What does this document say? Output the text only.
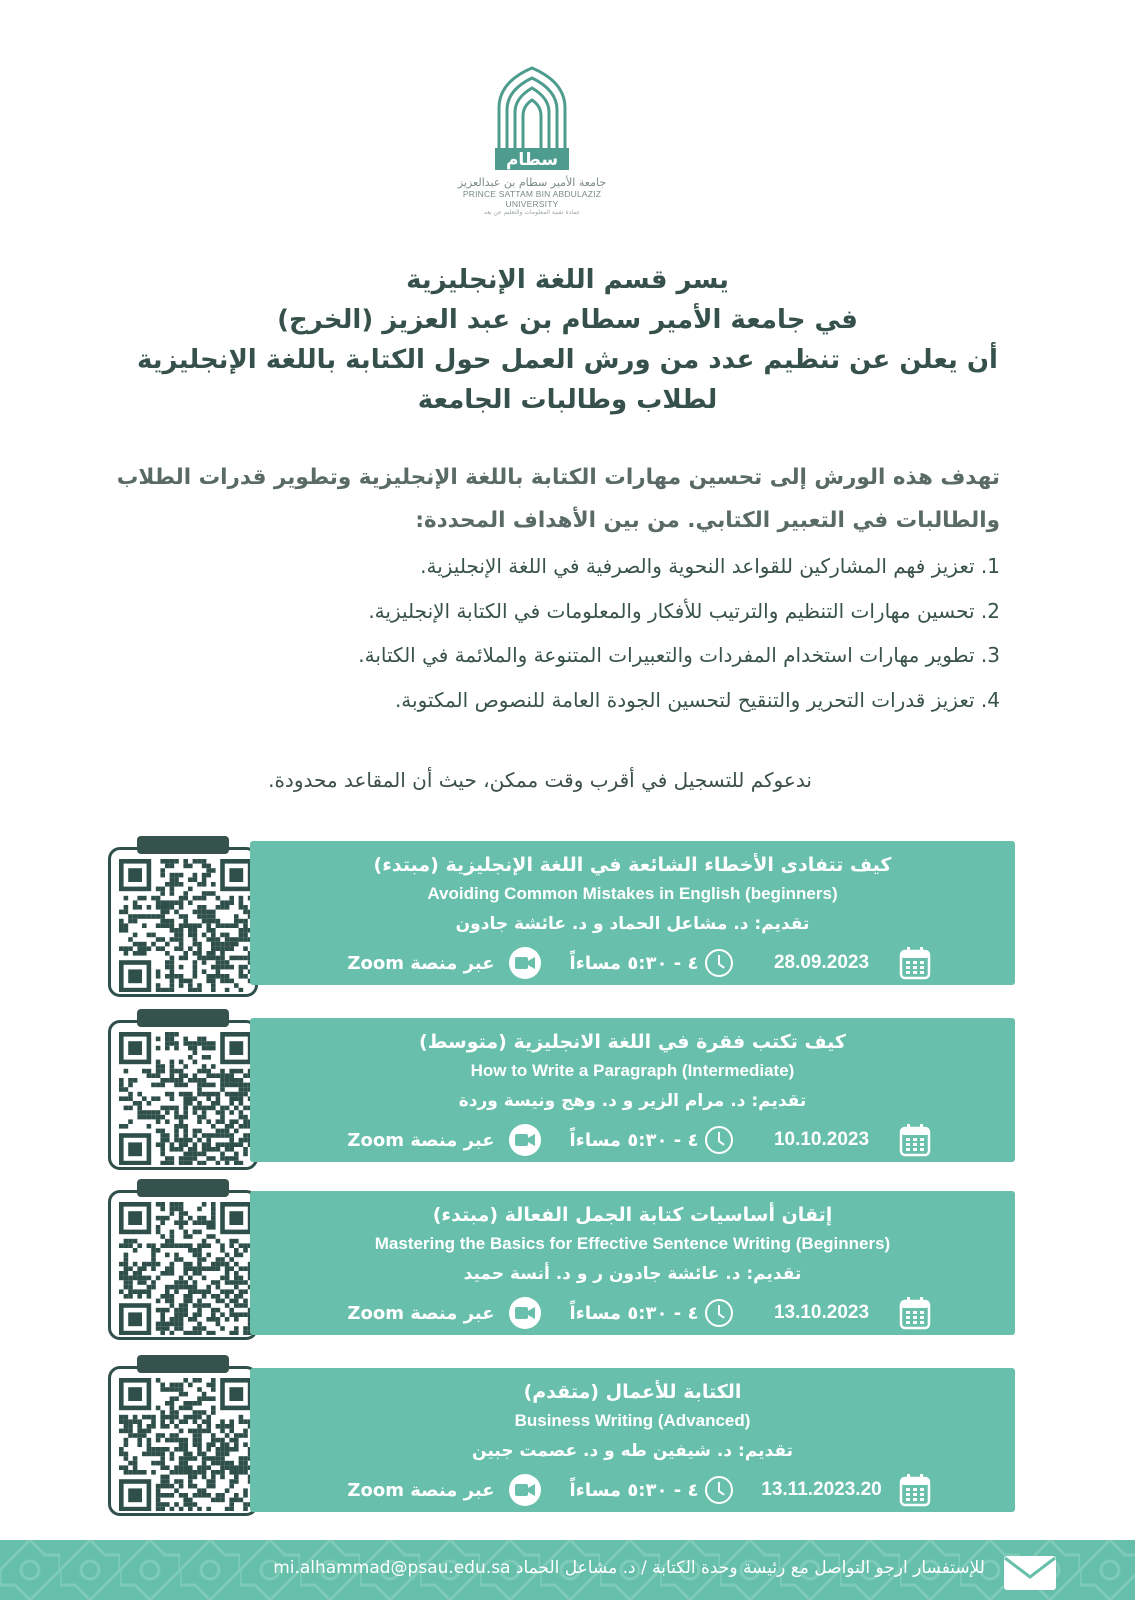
سطام
جامعة الأمير سطام بن عبدالعزيز
PRINCE SATTAM BIN ABDULAZIZ UNIVERSITY
عمادة تقنية المعلومات والتعليم عن بعد
يسر قسم اللغة الإنجليزية
في جامعة الأمير سطام بن عبد العزيز (الخرج)
أن يعلن عن تنظيم عدد من ورش العمل حول الكتابة باللغة الإنجليزية
لطلاب وطالبات الجامعة
تهدف هذه الورش إلى تحسين مهارات الكتابة باللغة الإنجليزية وتطوير قدرات الطلاب
والطالبات في التعبير الكتابي. من بين الأهداف المحددة:
1. تعزيز فهم المشاركين للقواعد النحوية والصرفية في اللغة الإنجليزية.
2. تحسين مهارات التنظيم والترتيب للأفكار والمعلومات في الكتابة الإنجليزية.
3. تطوير مهارات استخدام المفردات والتعبيرات المتنوعة والملائمة في الكتابة.
4. تعزيز قدرات التحرير والتنقيح لتحسين الجودة العامة للنصوص المكتوبة.
ندعوكم للتسجيل في أقرب وقت ممكن، حيث أن المقاعد محدودة.
كيف تتفادى الأخطاء الشائعة في اللغة الإنجليزية (مبتدء)
Avoiding Common Mistakes in English (beginners)
تقديم: د. مشاعل الحماد و د. عائشة جادون
عبر منصة Zoom	٤ - ٥:٣٠ مساءاً	28.09.2023
كيف تكتب فقرة في اللغة الانجليزية (متوسط)
How to Write a Paragraph (Intermediate)
تقديم: د. مرام الزير و د. وهج ونيسة وردة
عبر منصة Zoom	٤ - ٥:٣٠ مساءاً	10.10.2023
إتقان أساسيات كتابة الجمل الفعالة (مبتدء)
Mastering the Basics for Effective Sentence Writing (Beginners)
تقديم: د. عائشة جادون ر و د. أنسة حميد
عبر منصة Zoom	٤ - ٥:٣٠ مساءاً	13.10.2023
الكتابة للأعمال (متقدم)
Business Writing (Advanced)
تقديم: د. شيفين طه و د. عصمت جبين
عبر منصة Zoom	٤ - ٥:٣٠ مساءاً	13.11.2023.20
للإستفسار ارجو التواصل مع رئيسة وحدة الكتابة / د. مشاعل الحماد mi.alhammad@psau.edu.sa
